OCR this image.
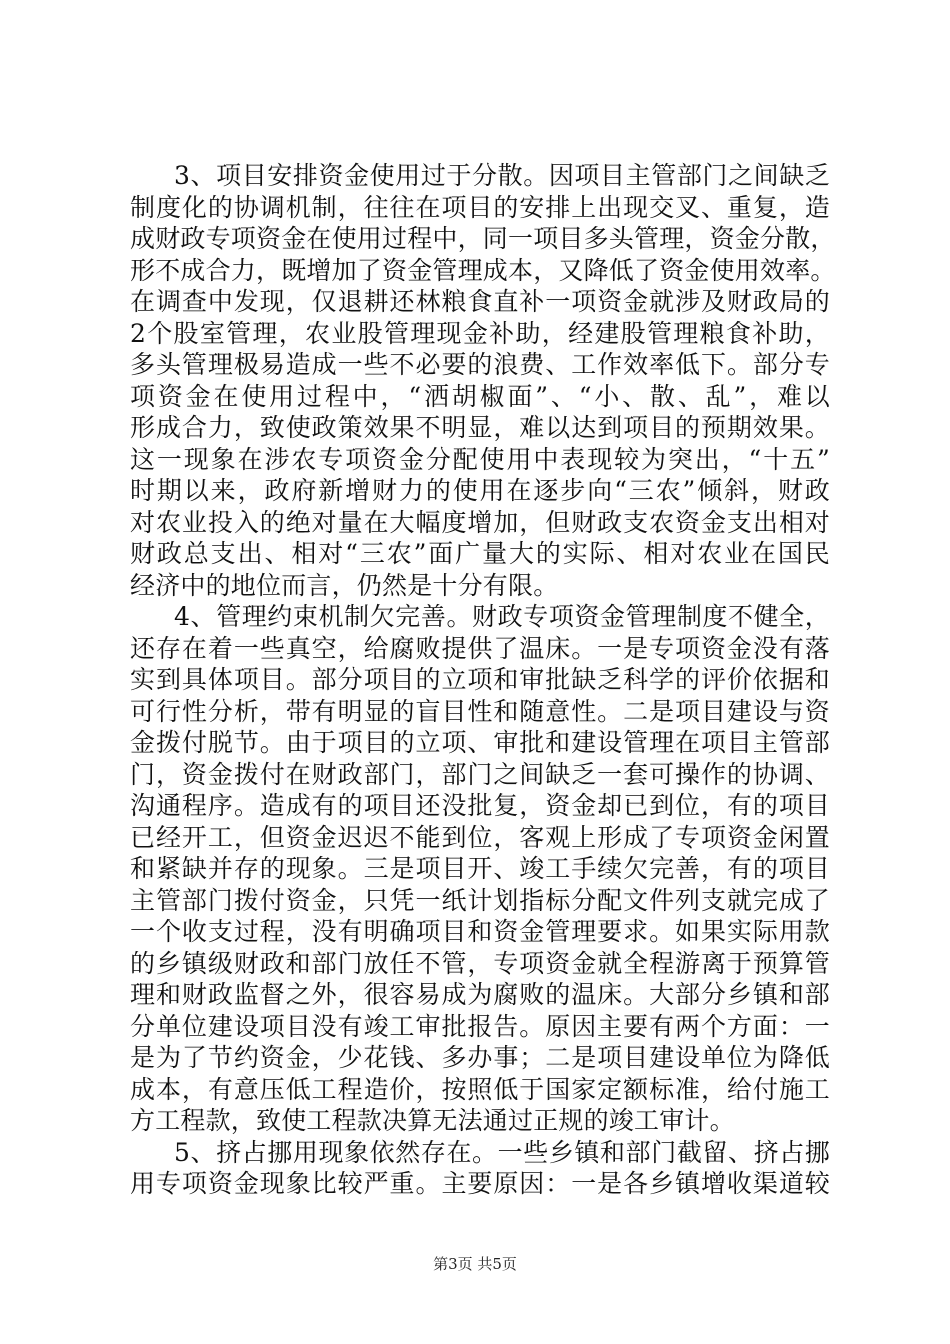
3、项目安排资金使用过于分散。因项目主管部门之间缺乏
制度化的协调机制，往往在项目的安排上出现交叉、重复，造
成财政专项资金在使用过程中，同一项目多头管理，资金分散，
形不成合力，既增加了资金管理成本，又降低了资金使用效率。
在调查中发现，仅退耕还林粮食直补一项资金就涉及财政局的
2个股室管理，农业股管理现金补助，经建股管理粮食补助，
多头管理极易造成一些不必要的浪费、工作效率低下。部分专
项资金在使用过程中，“洒胡椒面”、“小、散、乱”，难以
形成合力，致使政策效果不明显，难以达到项目的预期效果。
这一现象在涉农专项资金分配使用中表现较为突出，“十五”
时期以来，政府新增财力的使用在逐步向“三农”倾斜，财政
对农业投入的绝对量在大幅度增加，但财政支农资金支出相对
财政总支出、相对“三农”面广量大的实际、相对农业在国民
经济中的地位而言，仍然是十分有限。
4、管理约束机制欠完善。财政专项资金管理制度不健全，
还存在着一些真空，给腐败提供了温床。一是专项资金没有落
实到具体项目。部分项目的立项和审批缺乏科学的评价依据和
可行性分析，带有明显的盲目性和随意性。二是项目建设与资
金拨付脱节。由于项目的立项、审批和建设管理在项目主管部
门，资金拨付在财政部门，部门之间缺乏一套可操作的协调、
沟通程序。造成有的项目还没批复，资金却已到位，有的项目
已经开工，但资金迟迟不能到位，客观上形成了专项资金闲置
和紧缺并存的现象。三是项目开、竣工手续欠完善，有的项目
主管部门拨付资金，只凭一纸计划指标分配文件列支就完成了
一个收支过程，没有明确项目和资金管理要求。如果实际用款
的乡镇级财政和部门放任不管，专项资金就全程游离于预算管
理和财政监督之外，很容易成为腐败的温床。大部分乡镇和部
分单位建设项目没有竣工审批报告。原因主要有两个方面：一
是为了节约资金，少花钱、多办事；二是项目建设单位为降低
成本，有意压低工程造价，按照低于国家定额标准，给付施工
方工程款，致使工程款决算无法通过正规的竣工审计。
5、挤占挪用现象依然存在。一些乡镇和部门截留、挤占挪
用专项资金现象比较严重。主要原因：一是各乡镇增收渠道较
第3页 共5页
